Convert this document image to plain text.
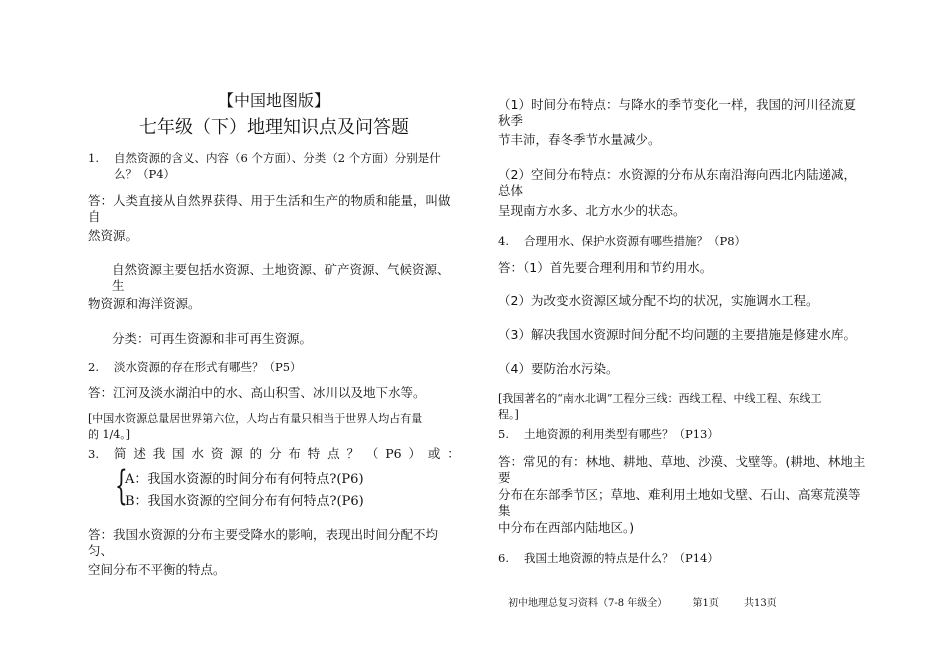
【中国地图版】
七年级（下）地理知识点及问答题
1. 自然资源的含义、内容（6 个方面）、分类（2 个方面）分别是什
么？（P4）
答：人类直接从自然界获得、用于生活和生产的物质和能量，叫做自
然资源。
自然资源主要包括水资源、土地资源、矿产资源、气候资源、生
物资源和海洋资源。
分类：可再生资源和非可再生资源。
2. 淡水资源的存在形式有哪些？（P5）
答：江河及淡水湖泊中的水、高山积雪、冰川以及地下水等。
[中国水资源总量居世界第六位，人均占有量只相当于世界人均占有量
的 1/4。]
3.	简 述 我 国 水 资 源 的 分 布 特 点 ？ （ P6 ） 或 ：
{
A：我国水资源的时间分布有何特点?(P6)
B：我国水资源的空间分布有何特点?(P6)
答：我国水资源的分布主要受降水的影响，表现出时间分配不均匀、
空间分布不平衡的特点。
（1）时间分布特点：与降水的季节变化一样，我国的河川径流夏秋季
节丰沛，春冬季节水量减少。
（2）空间分布特点：水资源的分布从东南沿海向西北内陆递减，总体
呈现南方水多、北方水少的状态。
4. 合理用水、保护水资源有哪些措施？（P8）
答：（1）首先要合理利用和节约用水。
（2）为改变水资源区域分配不均的状况，实施调水工程。
（3）解决我国水资源时间分配不均问题的主要措施是修建水库。
（4）要防治水污染。
[我国著名的“南水北调”工程分三线：西线工程、中线工程、东线工
程。]
5. 土地资源的利用类型有哪些？（P13）
答：常见的有：林地、耕地、草地、沙漠、戈壁等。(耕地、林地主要
分布在东部季节区；草地、难利用土地如戈壁、石山、高寒荒漠等集
中分布在西部内陆地区。)
6. 我国土地资源的特点是什么？（P14）
初中地理总复习资料（7-8 年级全）	第1页	共13页
